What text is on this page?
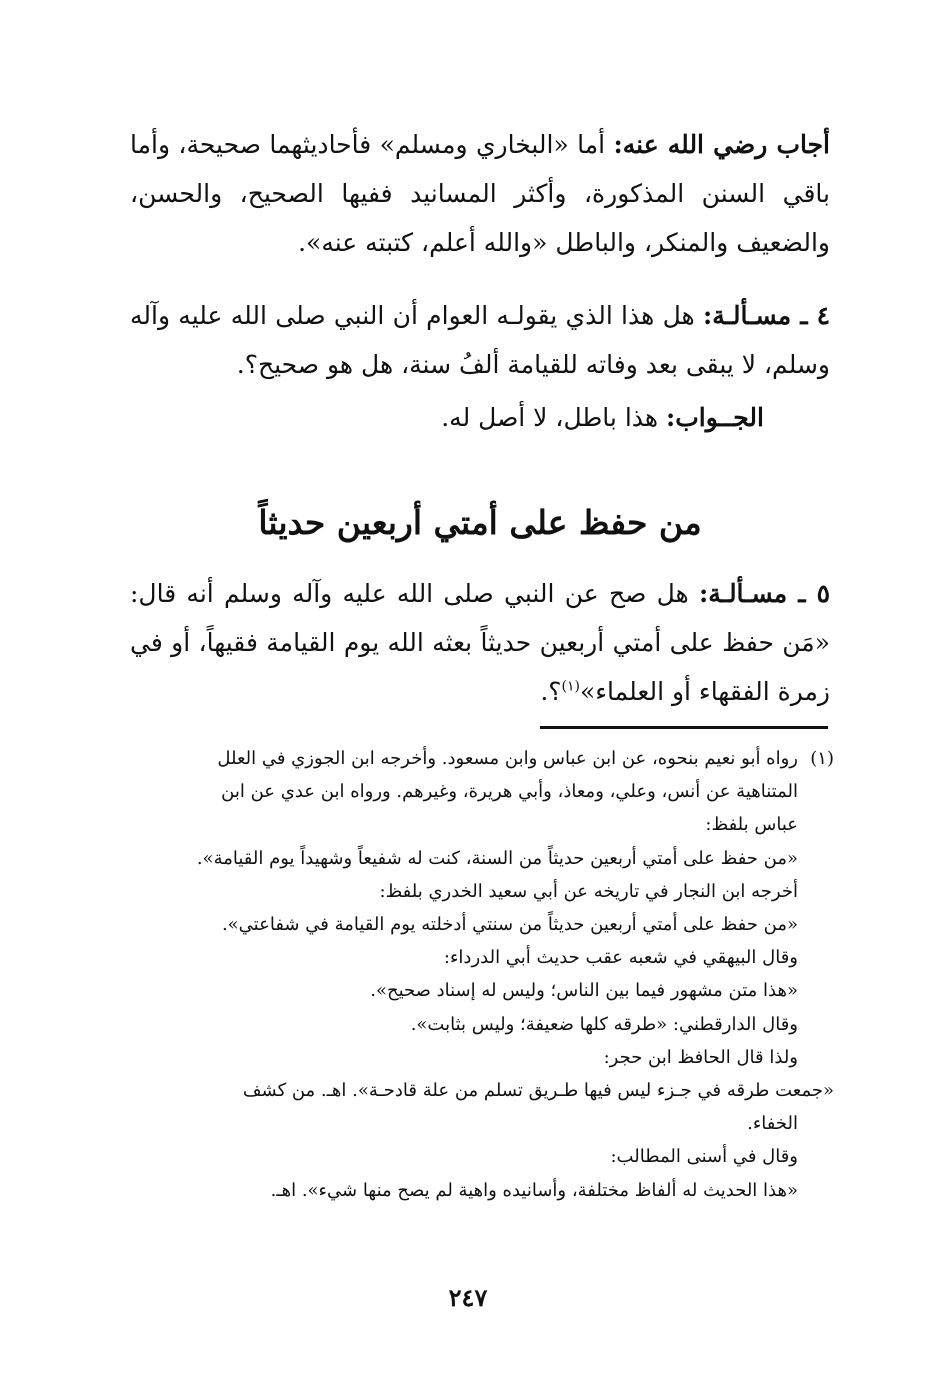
أجاب رضي الله عنه: أما «البخاري ومسلم» فأحاديثهما صحيحة، وأما باقي السنن المذكورة، وأكثر المسانيد ففيها الصحيح، والحسن، والضعيف والمنكر، والباطل «والله أعلم، كتبته عنه».

٤ ـ مسـألـة: هل هذا الذي يقولـه العوام أن النبي صلى الله عليه وآله وسلم، لا يبقى بعد وفاته للقيامة ألفُ سنة، هل هو صحيح؟.

الجــواب: هذا باطل، لا أصل له.

من حفظ على أمتي أربعين حديثاً

٥ ـ مسـألـة: هل صح عن النبي صلى الله عليه وآله وسلم أنه قال: «مَن حفظ على أمتي أربعين حديثاً بعثه الله يوم القيامة فقيهاً، أو في زمرة الفقهاء أو العلماء»$^{(١)}$؟.

(١)رواه أبو نعيم بنحوه، عن ابن عباس وابن مسعود. وأخرجه ابن الجوزي في العلل
المتناهية عن أنس، وعلي، ومعاذ، وأبي هريرة، وغيرهم. ورواه ابن عدي عن ابن
عباس بلفظ:
«من حفظ على أمتي أربعين حديثاً من السنة، كنت له شفيعاً وشهيداً يوم القيامة».
أخرجه ابن النجار في تاريخه عن أبي سعيد الخدري بلفظ:
«من حفظ على أمتي أربعين حديثاً من سنتي أدخلته يوم القيامة في شفاعتي».
وقال البيهقي في شعبه عقب حديث أبي الدرداء:
«هذا متن مشهور فيما بين الناس؛ وليس له إسناد صحيح».
وقال الدارقطني: «طرقه كلها ضعيفة؛ وليس بثابت».
ولذا قال الحافظ ابن حجر:
«جمعت طرقه في جـزء ليس فيها طـريق تسلم من علة قادحـة». اهـ. من كشف
الخفاء.
وقال في أسنى المطالب:
«هذا الحديث له ألفاظ مختلفة، وأسانيده واهية لم يصح منها شيء». اهـ.
٢٤٧
